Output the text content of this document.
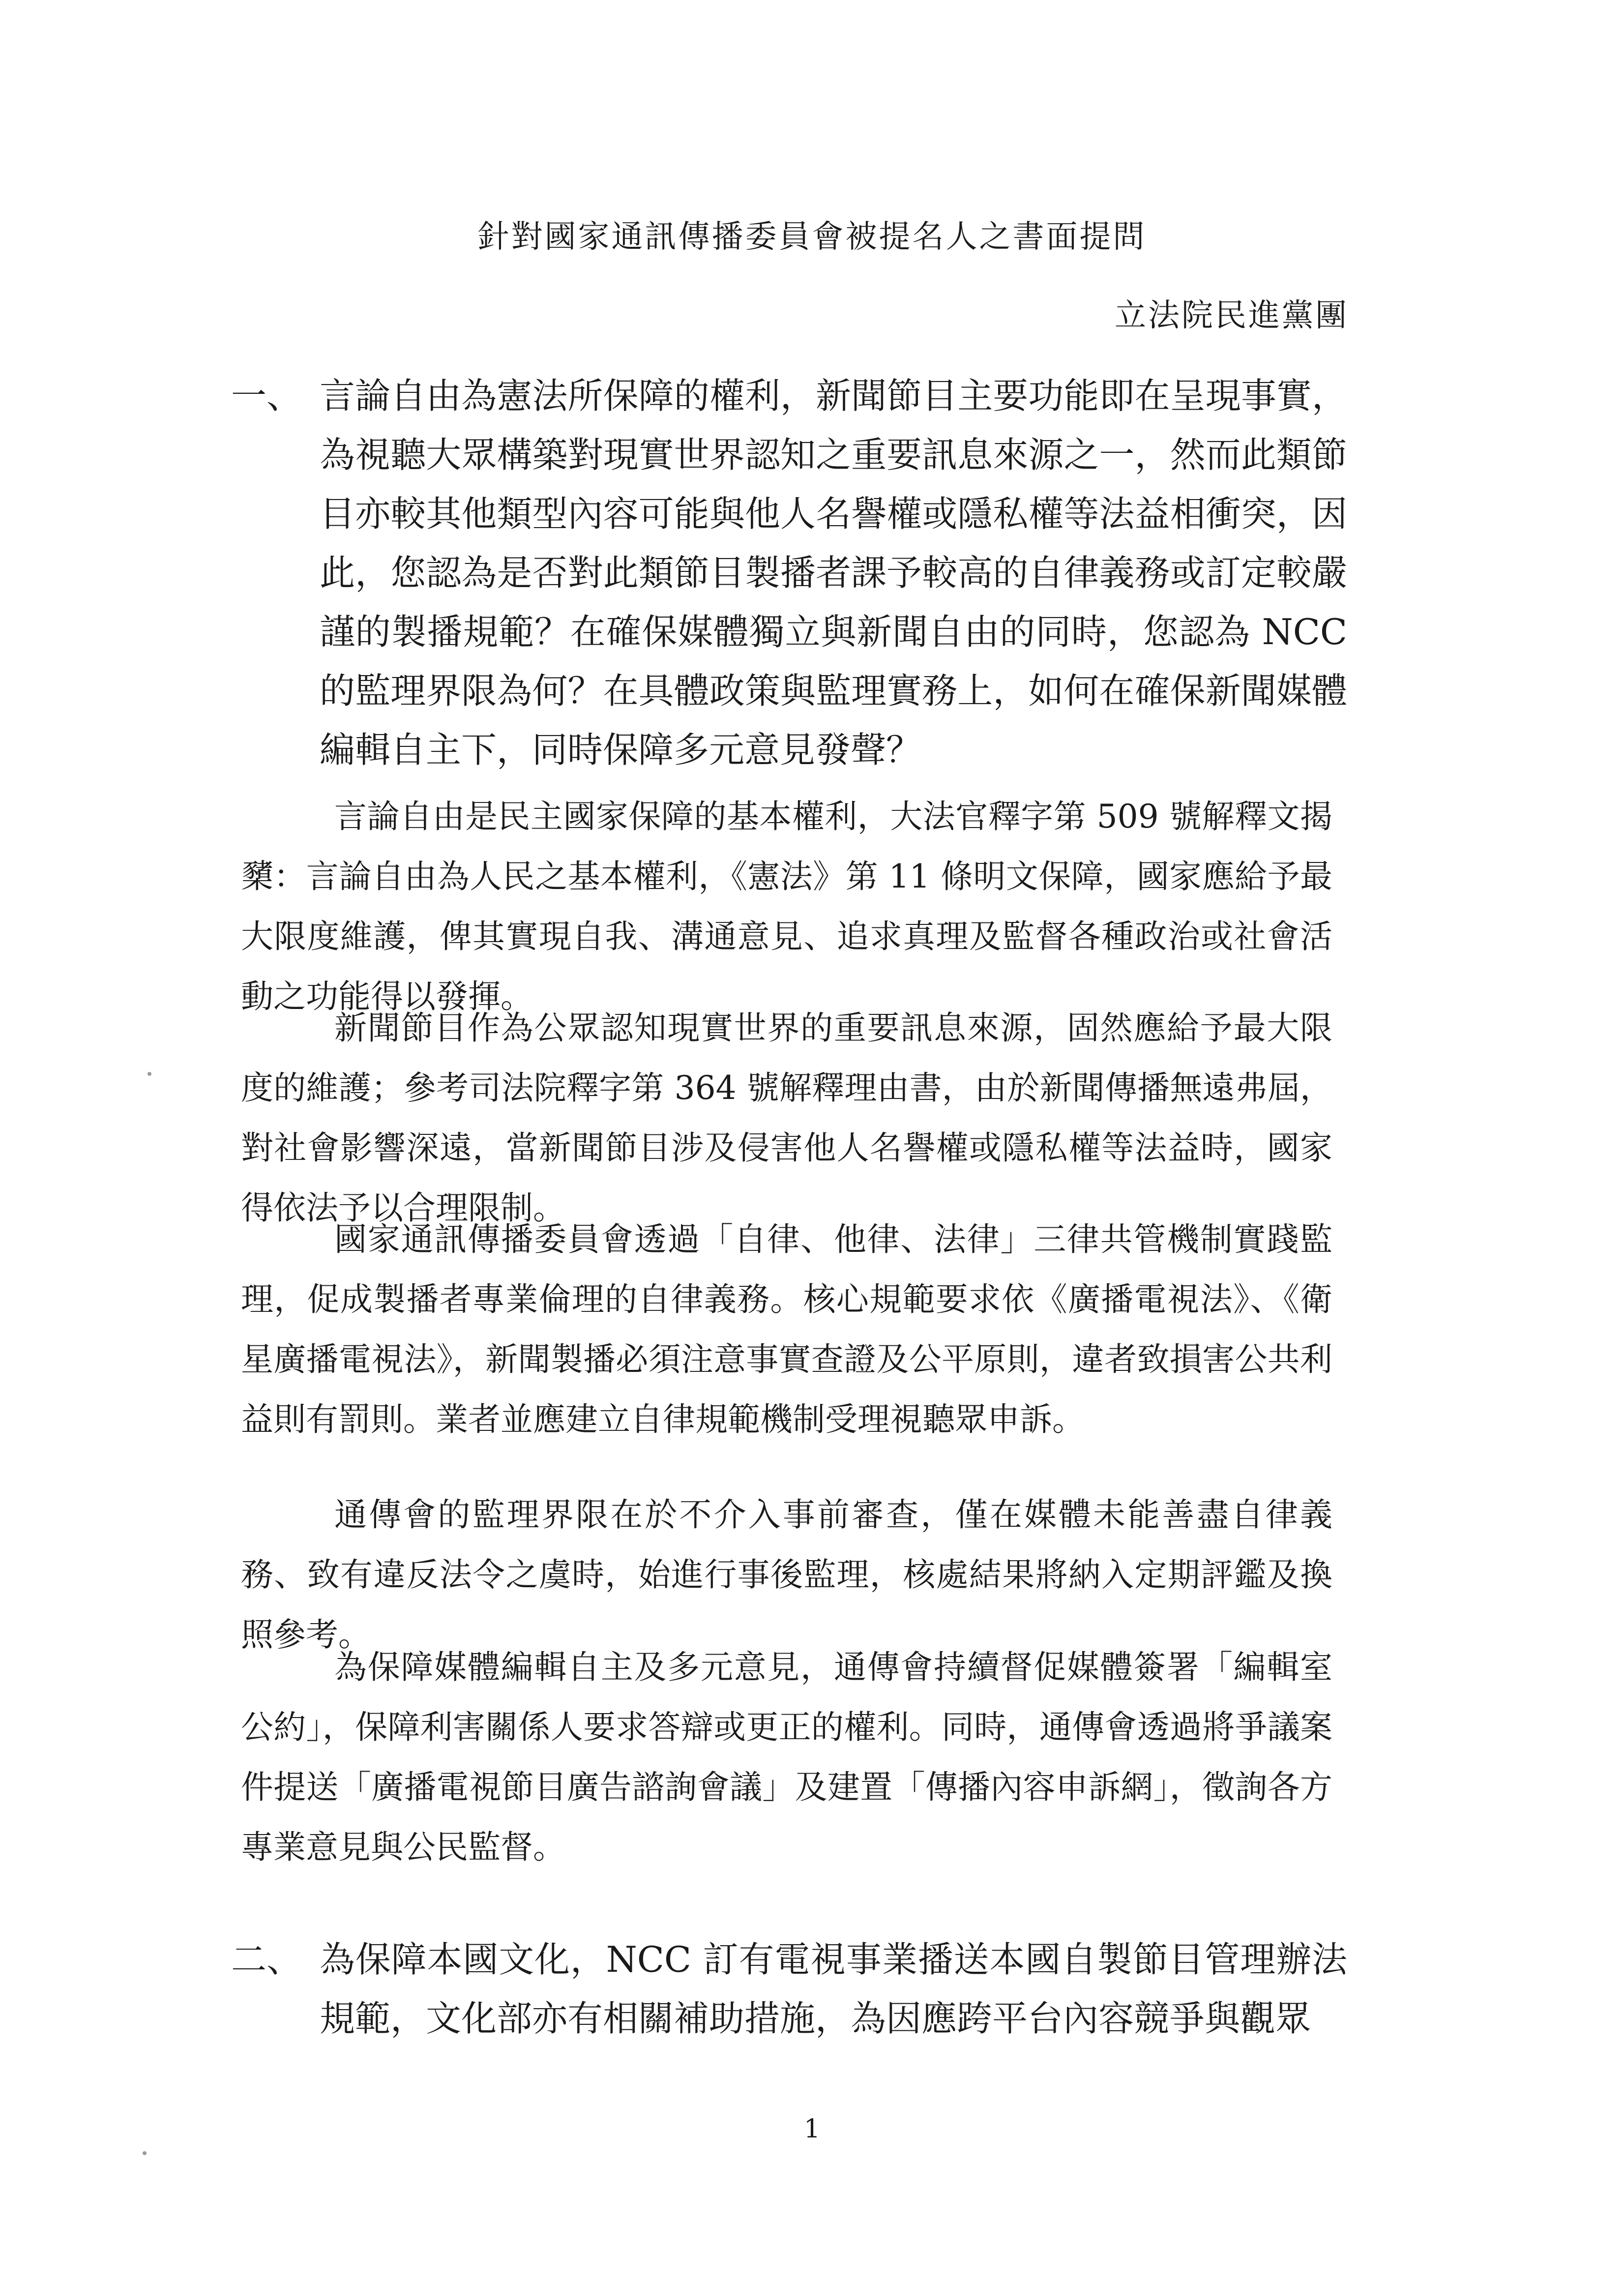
針對國家通訊傳播委員會被提名人之書面提問
立法院民進黨團
一、 言論自由為憲法所保障的權利，新聞節目主要功能即在呈現事實，為視聽大眾構築對現實世界認知之重要訊息來源之一，然而此類節目亦較其他類型內容可能與他人名譽權或隱私權等法益相衝突，因此，您認為是否對此類節目製播者課予較高的自律義務或訂定較嚴謹的製播規範？在確保媒體獨立與新聞自由的同時，您認為 NCC 的監理界限為何？在具體政策與監理實務上，如何在確保新聞媒體編輯自主下，同時保障多元意見發聲？

言論自由是民主國家保障的基本權利，大法官釋字第 509 號解釋文揭櫫：言論自由為人民之基本權利，《憲法》第 11 條明文保障，國家應給予最大限度維護，俾其實現自我、溝通意見、追求真理及監督各種政治或社會活動之功能得以發揮。

新聞節目作為公眾認知現實世界的重要訊息來源，固然應給予最大限度的維護；參考司法院釋字第 364 號解釋理由書，由於新聞傳播無遠弗屆，對社會影響深遠，當新聞節目涉及侵害他人名譽權或隱私權等法益時，國家得依法予以合理限制。

國家通訊傳播委員會透過「自律、他律、法律」三律共管機制實踐監理，促成製播者專業倫理的自律義務。核心規範要求依《廣播電視法》、《衛星廣播電視法》，新聞製播必須注意事實查證及公平原則，違者致損害公共利益則有罰則。業者並應建立自律規範機制受理視聽眾申訴。

通傳會的監理界限在於不介入事前審查，僅在媒體未能善盡自律義務、致有違反法令之虞時，始進行事後監理，核處結果將納入定期評鑑及換照參考。

為保障媒體編輯自主及多元意見，通傳會持續督促媒體簽署「編輯室公約」，保障利害關係人要求答辯或更正的權利。同時，通傳會透過將爭議案件提送「廣播電視節目廣告諮詢會議」及建置「傳播內容申訴網」，徵詢各方專業意見與公民監督。

二、 為保障本國文化，NCC 訂有電視事業播送本國自製節目管理辦法規範，文化部亦有相關補助措施，為因應跨平台內容競爭與觀眾
1
